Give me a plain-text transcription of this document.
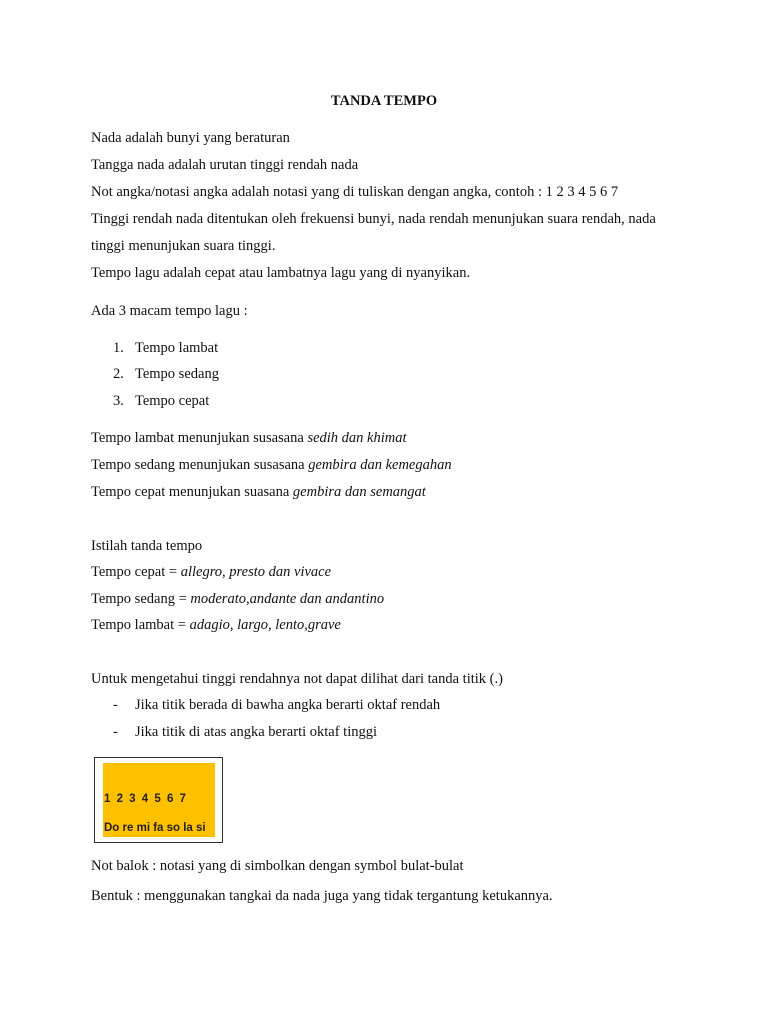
TANDA TEMPO
Nada adalah bunyi yang beraturan
Tangga nada adalah urutan tinggi rendah nada
Not angka/notasi angka adalah notasi yang di tuliskan dengan angka, contoh : 1 2 3 4 5 6 7
Tinggi rendah nada ditentukan oleh frekuensi bunyi, nada rendah menunjukan suara rendah, nada
tinggi menunjukan suara tinggi.
Tempo lagu adalah cepat atau lambatnya lagu yang di nyanyikan.
Ada 3 macam tempo lagu :
1. Tempo lambat
2. Tempo sedang
3. Tempo cepat
Tempo lambat menunjukan susasana sedih dan khimat
Tempo sedang menunjukan susasana gembira dan kemegahan
Tempo cepat menunjukan suasana gembira dan semangat
Istilah tanda tempo
Tempo cepat = allegro, presto dan vivace
Tempo sedang = moderato,andante dan andantino
Tempo lambat = adagio, largo, lento,grave
Untuk mengetahui tinggi rendahnya not dapat dilihat dari tanda titik (.)
- Jika titik berada di bawha angka berarti oktaf rendah
- Jika titik di atas angka berarti oktaf tinggi
1 2 3 4 5 6 7
Do re mi fa so la si
Not balok : notasi yang di simbolkan dengan symbol bulat-bulat
Bentuk : menggunakan tangkai da nada juga yang tidak tergantung ketukannya.
